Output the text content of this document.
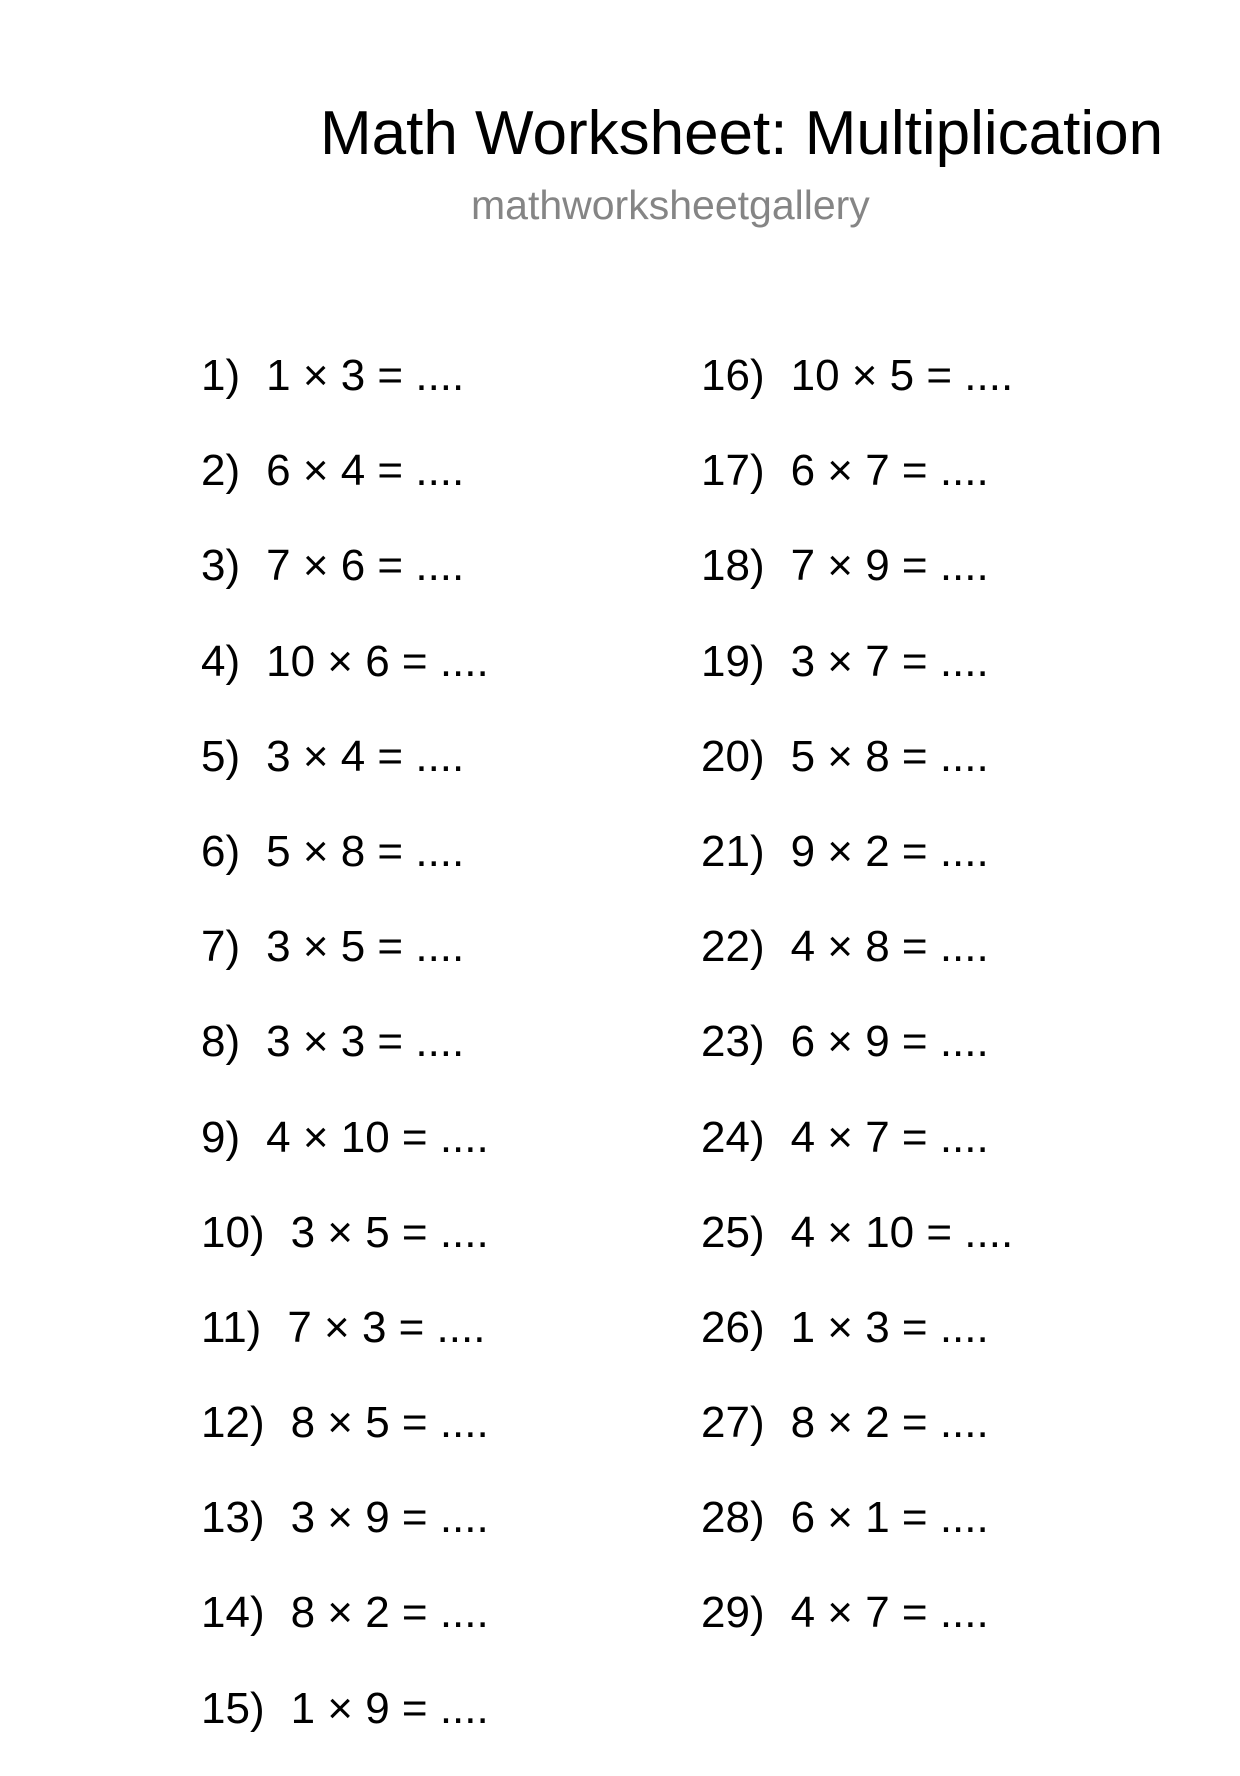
Math Worksheet: Multiplication
mathworksheetgallery
1) 1 × 3 = ....
2) 6 × 4 = ....
3) 7 × 6 = ....
4) 10 × 6 = ....
5) 3 × 4 = ....
6) 5 × 8 = ....
7) 3 × 5 = ....
8) 3 × 3 = ....
9) 4 × 10 = ....
10) 3 × 5 = ....
11) 7 × 3 = ....
12) 8 × 5 = ....
13) 3 × 9 = ....
14) 8 × 2 = ....
15) 1 × 9 = ....
16) 10 × 5 = ....
17) 6 × 7 = ....
18) 7 × 9 = ....
19) 3 × 7 = ....
20) 5 × 8 = ....
21) 9 × 2 = ....
22) 4 × 8 = ....
23) 6 × 9 = ....
24) 4 × 7 = ....
25) 4 × 10 = ....
26) 1 × 3 = ....
27) 8 × 2 = ....
28) 6 × 1 = ....
29) 4 × 7 = ....
